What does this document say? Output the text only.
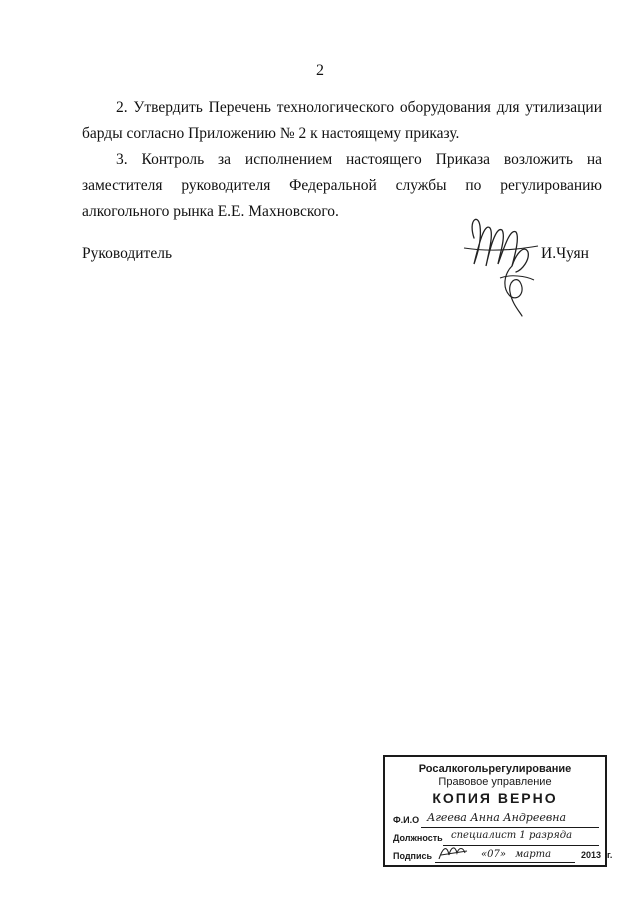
2

2. Утвердить Перечень технологического оборудования для утилизации барды согласно Приложению № 2 к настоящему приказу.

3. Контроль за исполнением настоящего Приказа возложить на заместителя руководителя Федеральной службы по регулированию алкогольного рынка Е.Е. Махновского.

Руководитель	И.Чуян
Росалкогольрегулирование
Правовое управление
КОПИЯ ВЕРНО
Ф.И.О Агеева Анна Андреевна
Должность специалист 1 разряда
Подпись	«07» марта	2013 г.
